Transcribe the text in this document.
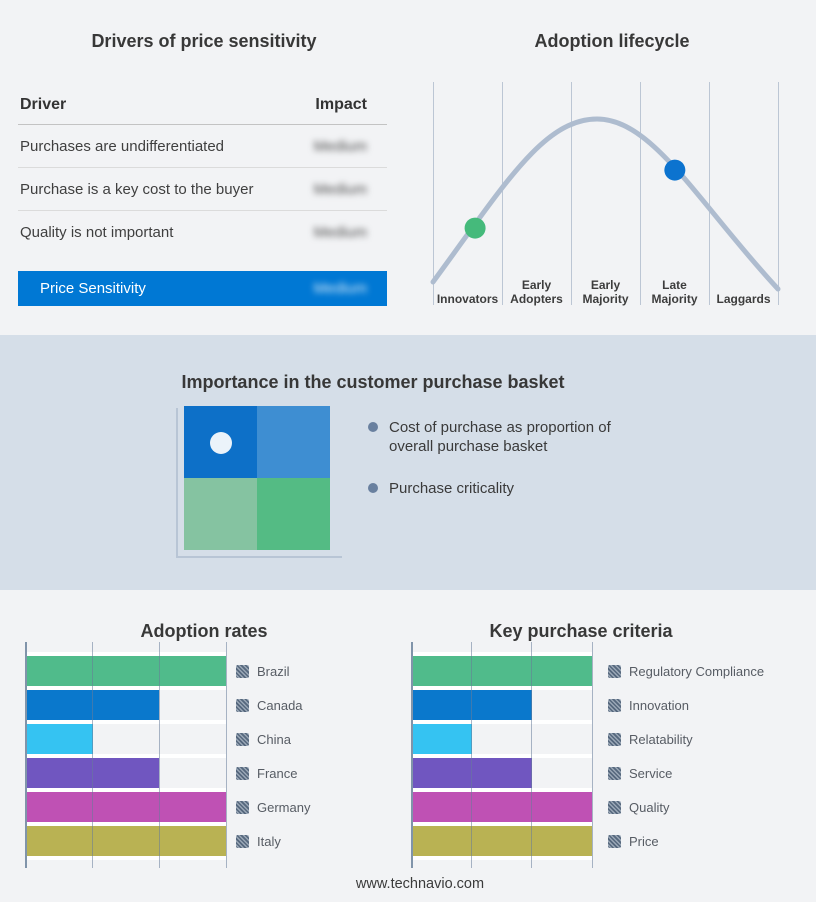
Drivers of price sensitivity
Driver	Impact
Purchases are undifferentiated	Medium
Purchase is a key cost to the buyer	Medium
Quality is not important	Medium
Price Sensitivity	Medium
Adoption lifecycle
Innovators
Early Adopters
Early Majority
Late Majority	Laggards
Cost of purchase as proportion of overall purchase basket
Purchase criticality
Importance in the customer purchase basket
Adoption rates
Brazil
Canada
China
France
Germany
Italy
Key purchase criteria
Regulatory Compliance
Innovation
Relatability
Service
Quality
Price
www.technavio.com
